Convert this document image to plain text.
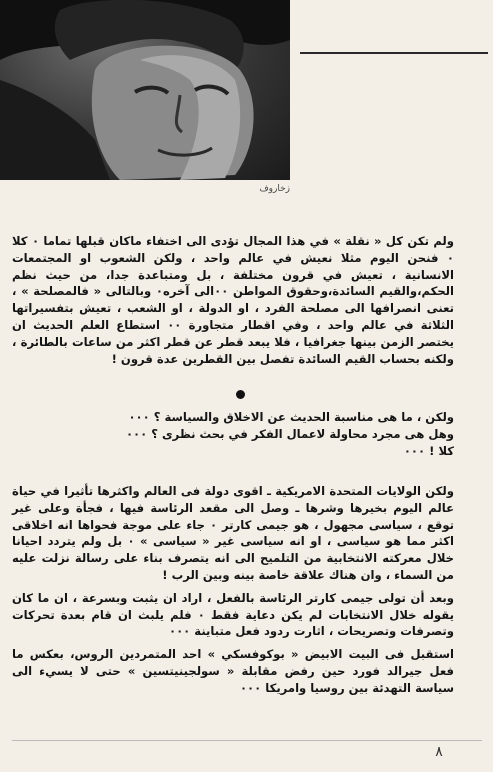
زخاروف

ولم تكن كل « نقلة » في هذا المجال تؤدى الى اختفاء ماكان قبلها تماما ٠ كلا ٠ فنحن اليوم مثلا نعيش في عالم واحد ، ولكن الشعوب او المجتمعات الانسانية ، تعيش في قرون مختلفة ، بل ومتباعدة جدا، من حيث نظم الحكم،والقيم السائدة،وحقوق المواطن ٠٠الى آخره٠ وبالتالى « فالمصلحة » ، تعنى انصرافها الى مصلحة الفرد ، او الدولة ، او الشعب ، تعيش بتفسيراتها الثلاثة في عالم واحد ، وفي اقطار متجاورة ٠٠ استطاع العلم الحديث ان يختصر الزمن بينها جغرافيا ، فلا يبعد قطر عن قطر اكثر من ساعات بالطائرة ، ولكنه بحساب القيم السائدة تفصل بين القطرين عدة قرون !

ولكن ، ما هى مناسبة الحديث عن الاخلاق والسياسة ؟ ٠٠٠

وهل هى مجرد محاولة لاعمال الفكر في بحث نظرى ؟ ٠٠٠

كلا ! ٠٠٠

ولكن الولايات المتحدة الامريكية ـ اقوى دولة فى العالم واكثرها تأثيرا في حياة عالم اليوم بخيرها وشرها ـ وصل الى مقعد الرئاسة فيها ، فجأة وعلى غير توقع ، سياسى مجهول ، هو جيمى كارتر ٠ جاء على موجة فحواها انه اخلاقى اكثر مما هو سياسى ، او انه سياسى غير « سياسى » ٠ بل ولم يتردد احيانا خلال معركته الانتخابية من التلميح الى انه يتصرف بناء على رسالة نزلت عليه من السماء ، وان هناك علاقة خاصة بينه وبين الرب !

وبعد أن تولى جيمى كارتر الرئاسة بالفعل ، اراد ان يثبت وبسرعة ، ان ما كان يقوله خلال الانتخابات لم يكن دعاية فقط ٠ فلم يلبث ان قام بعدة تحركات وتصرفات وتصريحات ، اثارت ردود فعل متباينة ٠٠٠

استقبل فى البيت الابيض « بوكوفسكي » احد المتمردين الروس، بعكس ما فعل جيرالد فورد حين رفض مقابلة « سولجينيتسين » حتى لا يسيء الى سياسة التهدئة بين روسيا وامريكا ٠٠٠

٨
